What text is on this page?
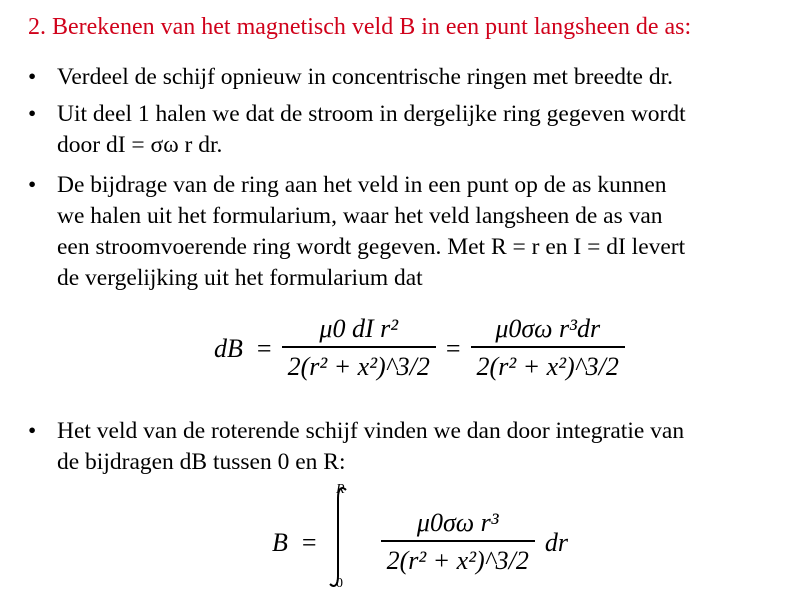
2. Berekenen van het magnetisch veld B in een punt langsheen de as:
• Verdeel de schijf opnieuw in concentrische ringen met breedte dr.
• Uit deel 1 halen we dat de stroom in dergelijke ring gegeven wordt
door dI = σω r dr.
• De bijdrage van de ring aan het veld in een punt op de as kunnen
we halen uit het formularium, waar het veld langsheen de as van
een stroomvoerende ring wordt gegeven. Met R = r en I = dI levert
de vergelijking uit het formularium dat
• Het veld van de roterende schijf vinden we dan door integratie van
de bijdragen dB tussen 0 en R:
dB = $\frac{\text{μ0 dI r²}}{\text{2(r² + x²)\textasciicircum{}3/2}} = \frac{\text{μ0σω r³dr}}{\text{2(r² + x²)\textasciicircum{}3/2}}$
$B = \frac{\text{μ0σω r³}}{\text{2(r² + x²)\textasciicircum{}3/2}}$ dr
R
0
